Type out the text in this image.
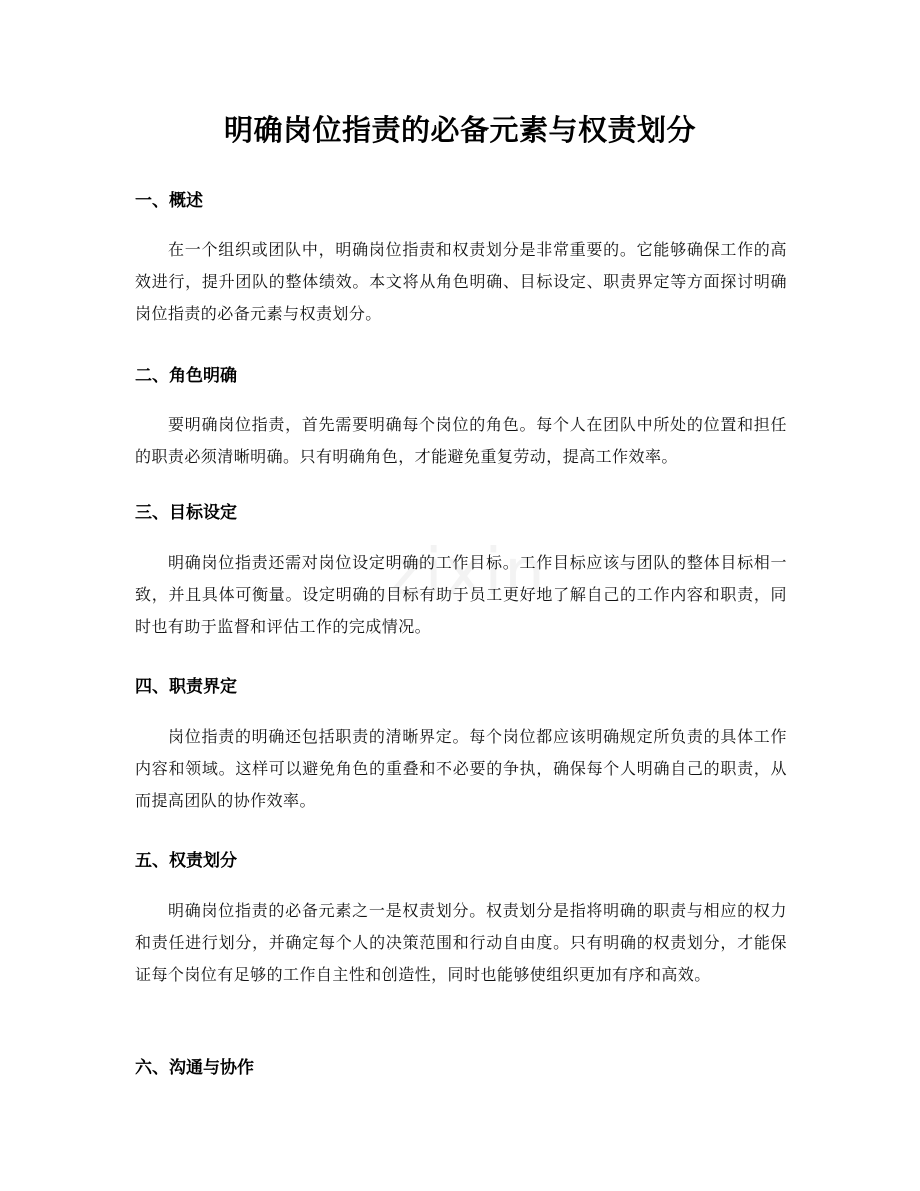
明确岗位指责的必备元素与权责划分
zixin
一、概述

在一个组织或团队中，明确岗位指责和权责划分是非常重要的。它能够确保工作的高效进行，提升团队的整体绩效。本文将从角色明确、目标设定、职责界定等方面探讨明确岗位指责的必备元素与权责划分。

二、角色明确

要明确岗位指责，首先需要明确每个岗位的角色。每个人在团队中所处的位置和担任的职责必须清晰明确。只有明确角色，才能避免重复劳动，提高工作效率。

三、目标设定

明确岗位指责还需对岗位设定明确的工作目标。工作目标应该与团队的整体目标相一致，并且具体可衡量。设定明确的目标有助于员工更好地了解自己的工作内容和职责，同时也有助于监督和评估工作的完成情况。

四、职责界定

岗位指责的明确还包括职责的清晰界定。每个岗位都应该明确规定所负责的具体工作内容和领域。这样可以避免角色的重叠和不必要的争执，确保每个人明确自己的职责，从而提高团队的协作效率。

五、权责划分

明确岗位指责的必备元素之一是权责划分。权责划分是指将明确的职责与相应的权力和责任进行划分，并确定每个人的决策范围和行动自由度。只有明确的权责划分，才能保证每个岗位有足够的工作自主性和创造性，同时也能够使组织更加有序和高效。

六、沟通与协作
